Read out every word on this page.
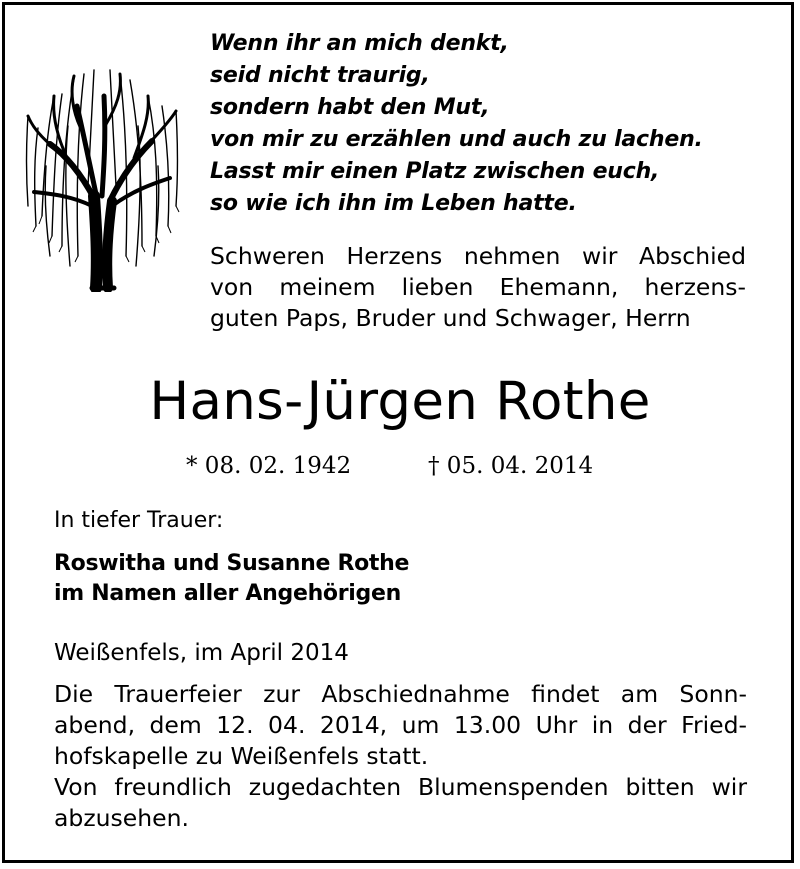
Wenn ihr an mich denkt,
seid nicht traurig,
sondern habt den Mut,
von mir zu erzählen und auch zu lachen.
Lasst mir einen Platz zwischen euch,
so wie ich ihn im Leben hatte.
Schweren Herzens nehmen wir Abschied
von meinem lieben Ehemann, herzens-
guten Paps, Bruder und Schwager, Herrn
Hans-Jürgen Rothe
* 08. 02. 1942	† 05. 04. 2014
In tiefer Trauer:
Roswitha und Susanne Rothe
im Namen aller Angehörigen
Weißenfels, im April 2014
Die Trauerfeier zur Abschiednahme findet am Sonn-
abend, dem 12. 04. 2014, um 13.00 Uhr in der Fried-
hofskapelle zu Weißenfels statt.
Von freundlich zugedachten Blumenspenden bitten wir
abzusehen.
